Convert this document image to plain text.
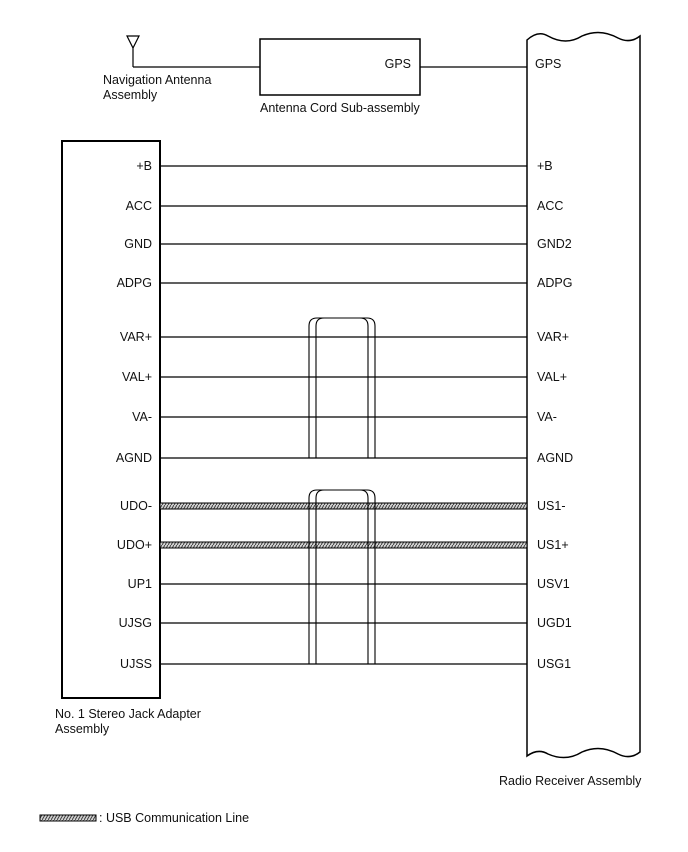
Navigation Antenna
Assembly
GPS
Antenna Cord Sub-assembly
GPS
Radio Receiver Assembly
No. 1 Stereo Jack Adapter
Assembly
+B	+B
ACC	ACC
GND	GND2
ADPG	ADPG
VAR+	VAR+
VAL+	VAL+
VA-	VA-
AGND	AGND
UDO-	US1-
UDO+	US1+
UP1	USV1
UJSG	UGD1
UJSS	USG1
: USB Communication Line
